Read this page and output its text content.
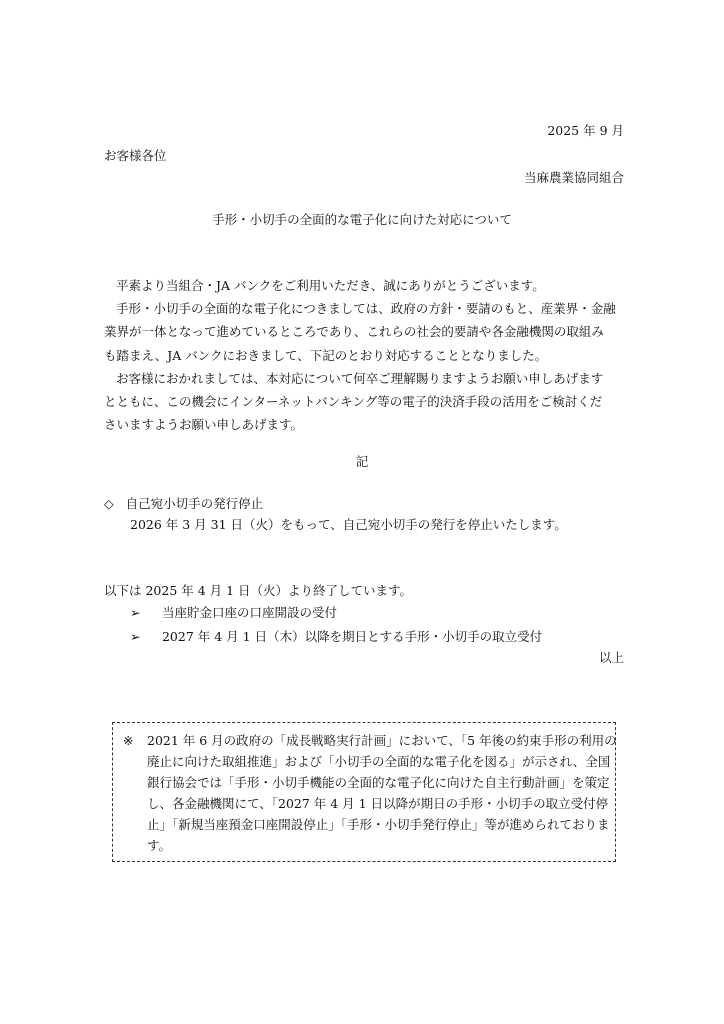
2025 年 9 月
お客様各位
当麻農業協同組合
手形・小切手の全面的な電子化に向けた対応について
平素より当組合・JA バンクをご利用いただき、誠にありがとうございます。
手形・小切手の全面的な電子化につきましては、政府の方針・要請のもと、産業界・金融
業界が一体となって進めているところであり、これらの社会的要請や各金融機関の取組み
も踏まえ、JA バンクにおきまして、下記のとおり対応することとなりました。
お客様におかれましては、本対応について何卒ご理解賜りますようお願い申しあげます
とともに、この機会にインターネットバンキング等の電子的決済手段の活用をご検討くだ
さいますようお願い申しあげます。
記
◇ 自己宛小切手の発行停止
2026 年 3 月 31 日（火）をもって、自己宛小切手の発行を停止いたします。
以下は 2025 年 4 月 1 日（火）より終了しています。
➢ 当座貯金口座の口座開設の受付
➢ 2027 年 4 月 1 日（木）以降を期日とする手形・小切手の取立受付
以上
※ 2021 年 6 月の政府の「成長戦略実行計画」において、「5 年後の約束手形の利用の
廃止に向けた取組推進」および「小切手の全面的な電子化を図る」が示され、全国
銀行協会では「手形・小切手機能の全面的な電子化に向けた自主行動計画」を策定
し、各金融機関にて、「2027 年 4 月 1 日以降が期日の手形・小切手の取立受付停
止」「新規当座預金口座開設停止」「手形・小切手発行停止」等が進められておりま
す。
